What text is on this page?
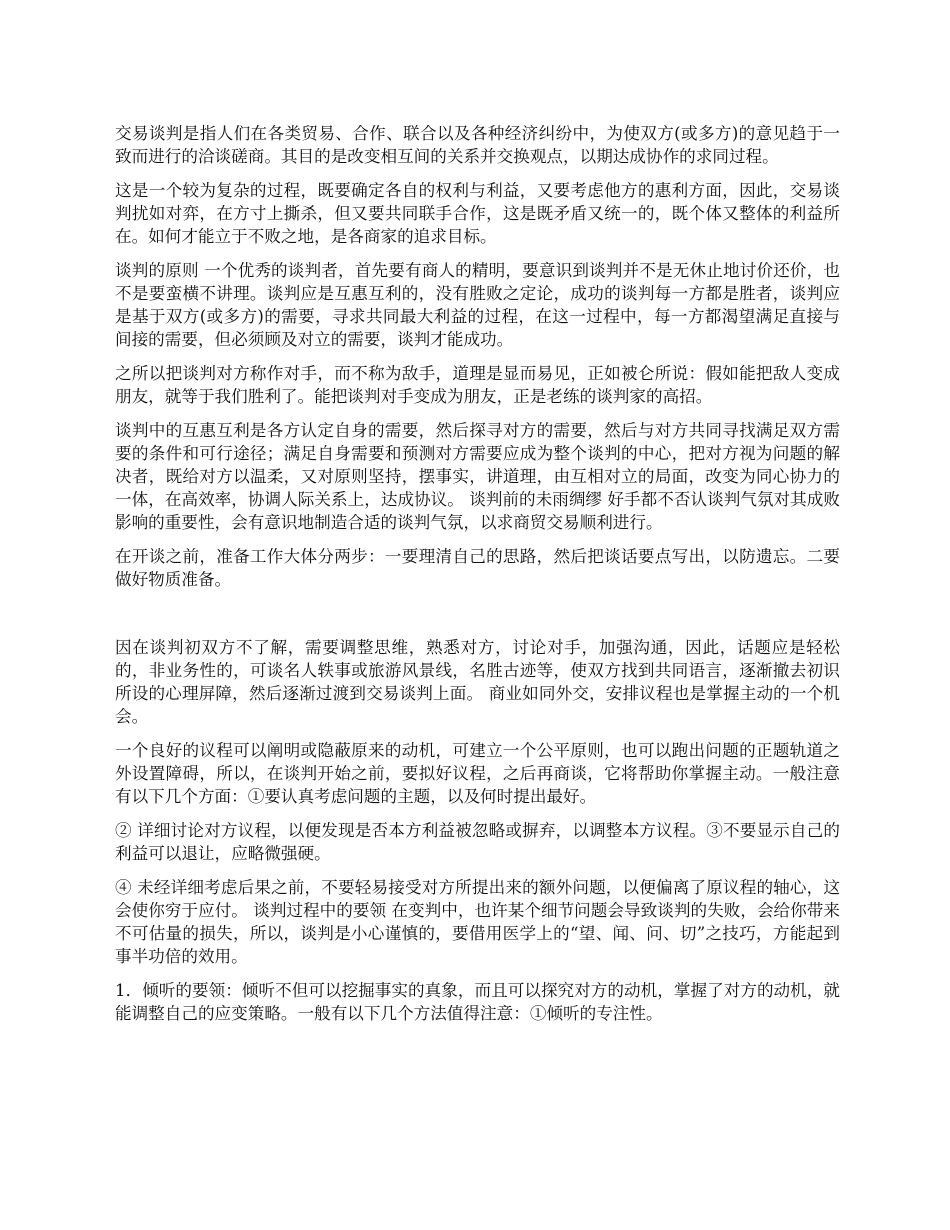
交易谈判是指人们在各类贸易、合作、联合以及各种经济纠纷中，为使双方(或多方)的意见趋于一致而进行的洽谈磋商。其目的是改变相互间的关系并交换观点，以期达成协作的求同过程。

这是一个较为复杂的过程，既要确定各自的权利与利益，又要考虑他方的惠利方面，因此，交易谈判扰如对弈，在方寸上撕杀，但又要共同联手合作，这是既矛盾又统一的，既个体又整体的利益所在。如何才能立于不败之地，是各商家的追求目标。

谈判的原则 一个优秀的谈判者，首先要有商人的精明，要意识到谈判并不是无休止地讨价还价，也不是要蛮横不讲理。谈判应是互惠互利的，没有胜败之定论，成功的谈判每一方都是胜者，谈判应是基于双方(或多方)的需要，寻求共同最大利益的过程，在这一过程中，每一方都渴望满足直接与间接的需要，但必须顾及对立的需要，谈判才能成功。

之所以把谈判对方称作对手，而不称为敌手，道理是显而易见，正如被仑所说：假如能把敌人变成朋友，就等于我们胜利了。能把谈判对手变成为朋友，正是老练的谈判家的高招。

谈判中的互惠互利是各方认定自身的需要，然后探寻对方的需要，然后与对方共同寻找满足双方需要的条件和可行途径；满足自身需要和预测对方需要应成为整个谈判的中心，把对方视为问题的解决者，既给对方以温柔，又对原则坚持，摆事实，讲道理，由互相对立的局面，改变为同心协力的一体，在高效率，协调人际关系上，达成协议。 谈判前的未雨绸缪 好手都不否认谈判气氛对其成败影响的重要性，会有意识地制造合适的谈判气氛，以求商贸交易顺利进行。

在开谈之前，准备工作大体分两步：一要理清自己的思路，然后把谈话要点写出，以防遗忘。二要做好物质准备。

因在谈判初双方不了解，需要调整思维，熟悉对方，讨论对手，加强沟通，因此，话题应是轻松的，非业务性的，可谈名人轶事或旅游风景线，名胜古迹等，使双方找到共同语言，逐渐撤去初识所设的心理屏障，然后逐渐过渡到交易谈判上面。 商业如同外交，安排议程也是掌握主动的一个机会。

一个良好的议程可以阐明或隐蔽原来的动机，可建立一个公平原则，也可以跑出问题的正题轨道之外设置障碍，所以，在谈判开始之前，要拟好议程，之后再商谈，它将帮助你掌握主动。一般注意有以下几个方面：①要认真考虑问题的主题，以及何时提出最好。

② 详细讨论对方议程，以便发现是否本方利益被忽略或摒弃，以调整本方议程。③不要显示自己的利益可以退让，应略微强硬。

④ 未经详细考虑后果之前，不要轻易接受对方所提出来的额外问题，以便偏离了原议程的轴心，这会使你穷于应付。 谈判过程中的要领 在变判中，也许某个细节问题会导致谈判的失败，会给你带来不可估量的损失，所以，谈判是小心谨慎的，要借用医学上的“望、闻、问、切”之技巧，方能起到事半功倍的效用。

1．倾听的要领：倾听不但可以挖掘事实的真象，而且可以探究对方的动机，掌握了对方的动机，就能调整自己的应变策略。一般有以下几个方法值得注意：①倾听的专注性。
